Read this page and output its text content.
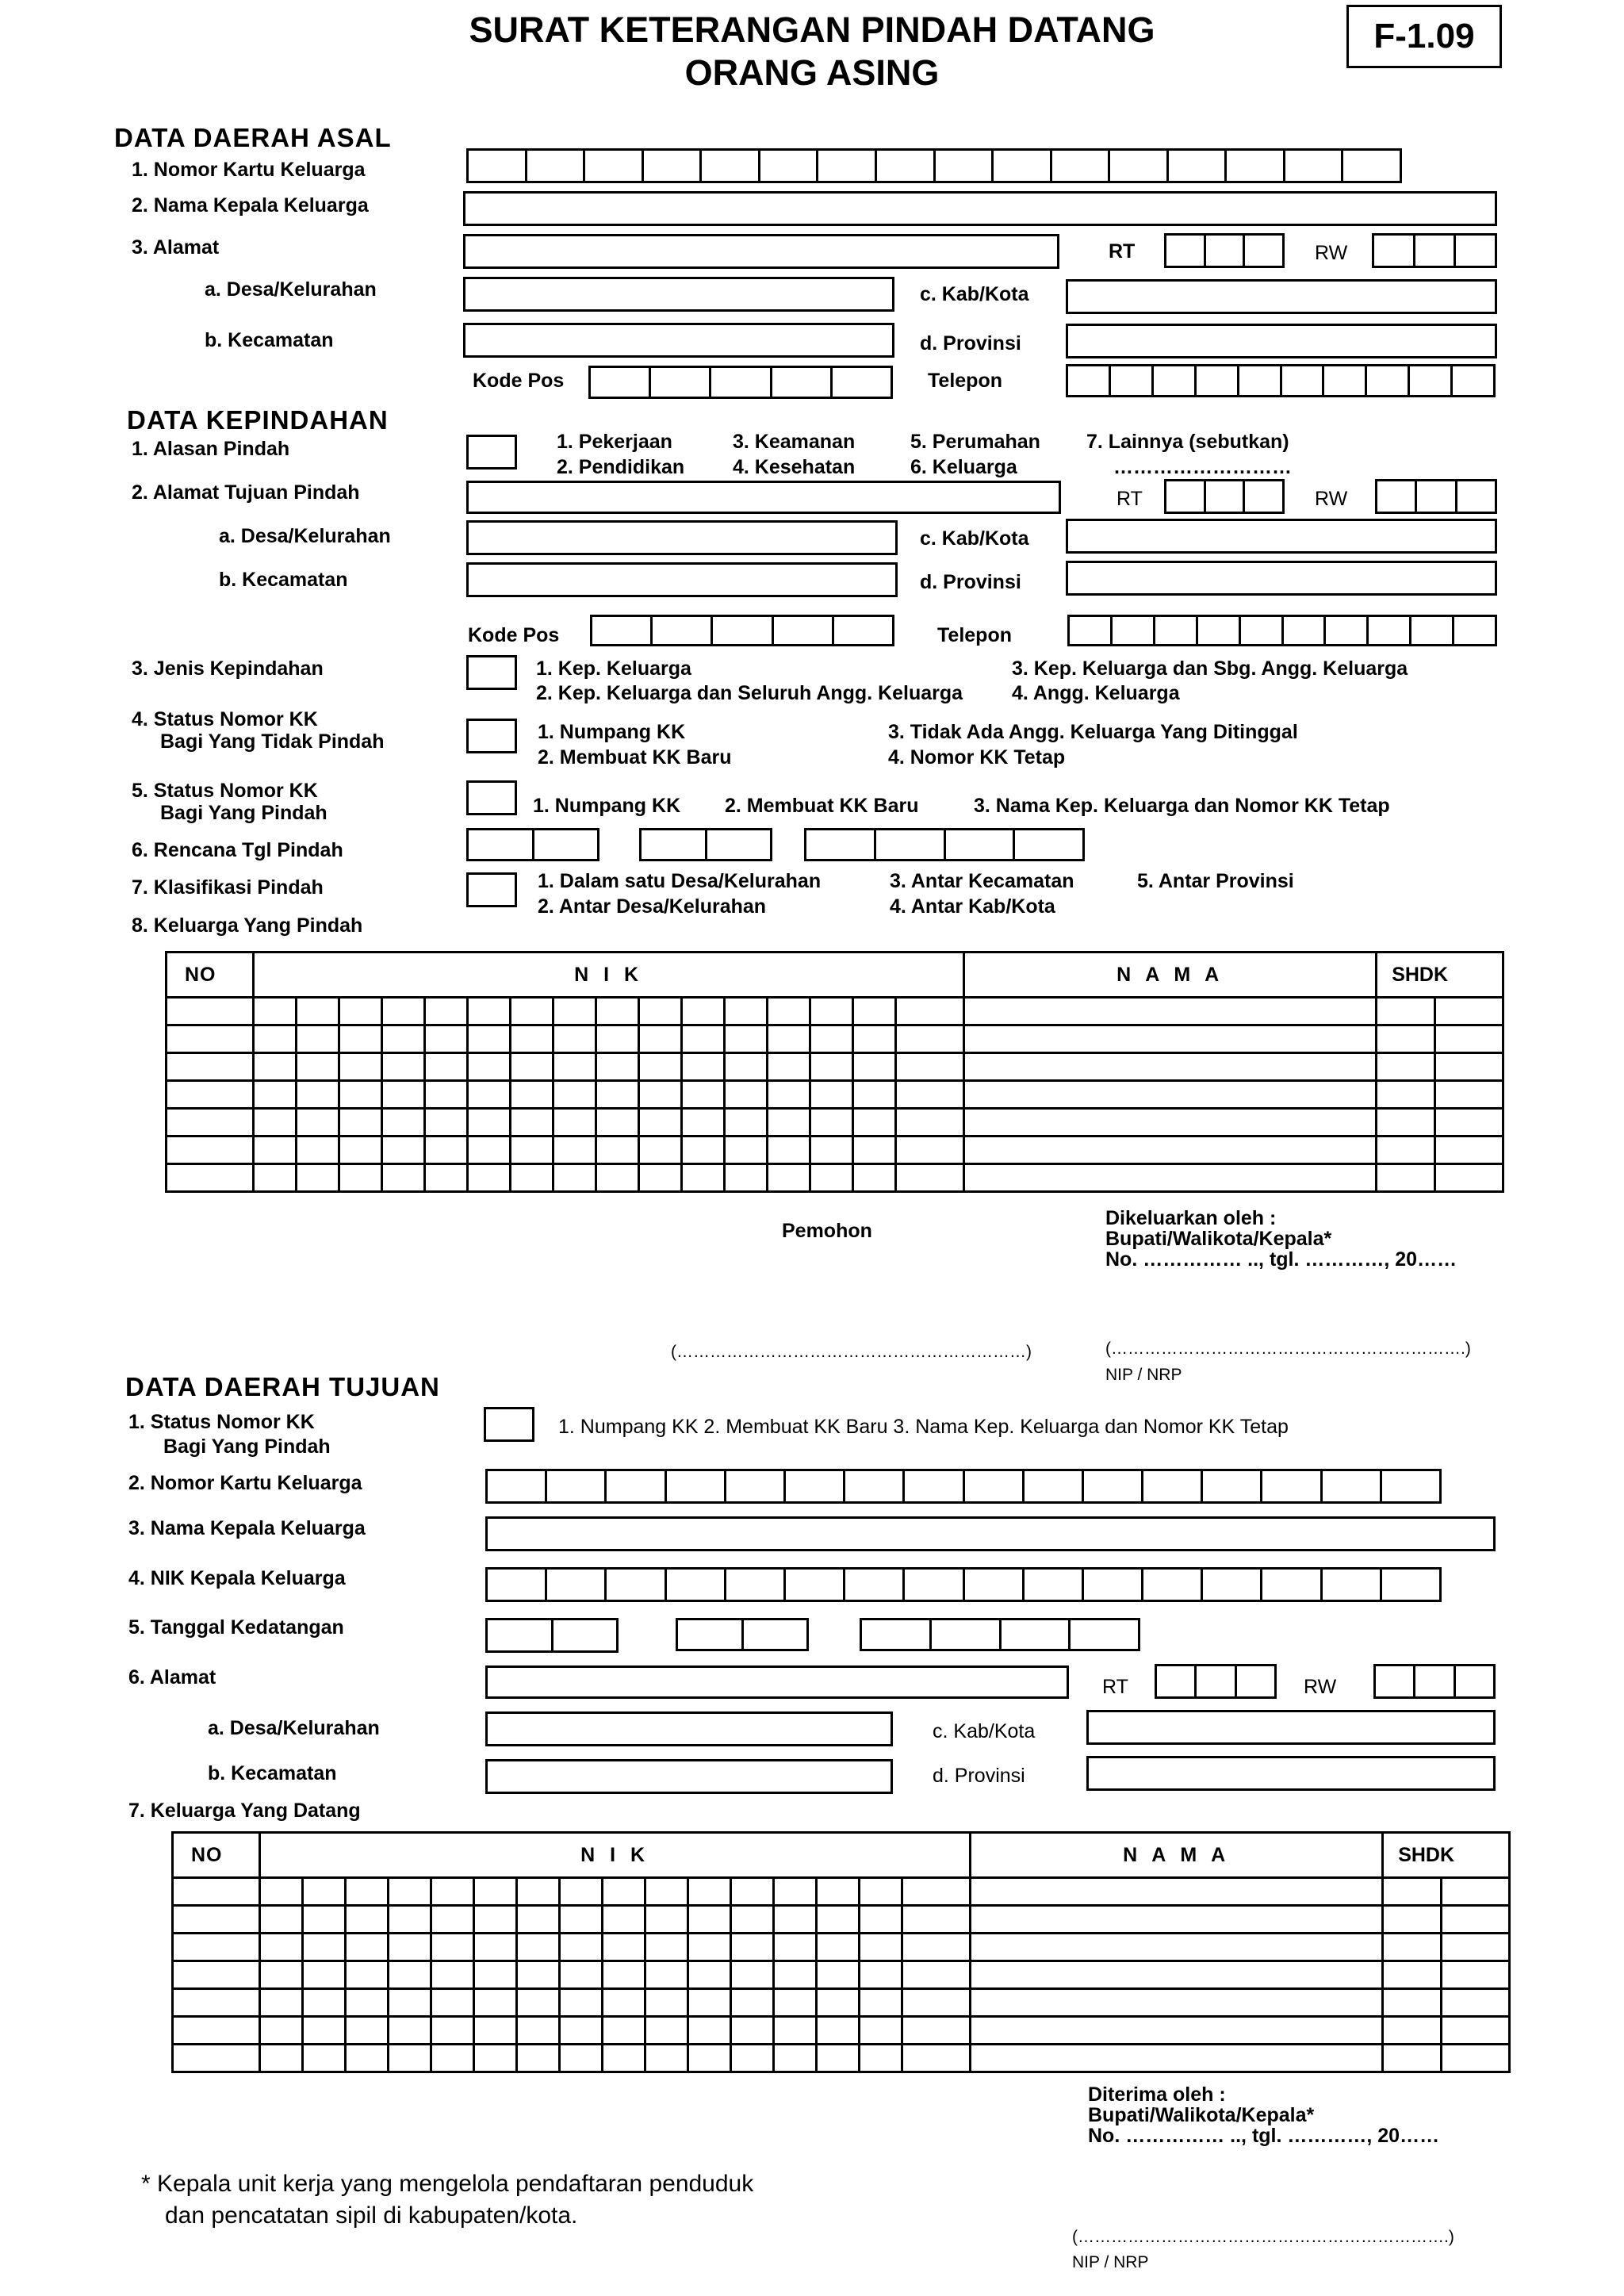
SURAT KETERANGAN PINDAH DATANG
ORANG ASING
F-1.09
DATA DAERAH ASAL
1. Nomor Kartu Keluarga
2. Nama Kepala Keluarga
3. Alamat	RT	RW
a. Desa/Kelurahan	c. Kab/Kota
b. Kecamatan	d. Provinsi
Kode Pos	Telepon
DATA KEPINDAHAN
1. Alasan Pindah	1. Pekerjaan
2. Pendidikan
3. Keamanan
4. Kesehatan
5. Perumahan
6. Keluarga
7. Lainnya (sebutkan)
………………………
2. Alamat Tujuan Pindah	RT	RW
a. Desa/Kelurahan	c. Kab/Kota
b. Kecamatan	d. Provinsi
Kode Pos	Telepon
3. Jenis Kepindahan	1. Kep. Keluarga
2. Kep. Keluarga dan Seluruh Angg. Keluarga
3. Kep. Keluarga dan Sbg. Angg. Keluarga
4. Angg. Keluarga
4. Status Nomor KK
Bagi Yang Tidak Pindah	1. Numpang KK
2. Membuat KK Baru
3. Tidak Ada Angg. Keluarga Yang Ditinggal
4. Nomor KK Tetap
5. Status Nomor KK
Bagi Yang Pindah	1. Numpang KK 2. Membuat KK Baru	3. Nama Kep. Keluarga dan Nomor KK Tetap
6. Rencana Tgl Pindah
7. Klasifikasi Pindah	1. Dalam satu Desa/Kelurahan
2. Antar Desa/Kelurahan
3. Antar Kecamatan
4. Antar Kab/Kota
5. Antar Provinsi
8. Keluarga Yang Pindah
NO	N I K																N A M A	SHDK	

Pemohon
Dikeluarkan oleh :
Bupati/Walikota/Kepala*
No. …………… .., tgl. …………, 20……
(………………………………………………………)	(……………………………………………………….)
NIP / NRP
DATA DAERAH TUJUAN
1. Status Nomor KK
Bagi Yang Pindah
1. Numpang KK 2. Membuat KK Baru 3. Nama Kep. Keluarga dan Nomor KK Tetap
2. Nomor Kartu Keluarga
3. Nama Kepala Keluarga
4. NIK Kepala Keluarga
5. Tanggal Kedatangan
6. Alamat	RT	RW
a. Desa/Kelurahan	c. Kab/Kota
b. Kecamatan	d. Provinsi
7. Keluarga Yang Datang
NO	N I K																N A M A	SHDK	

Diterima oleh :
Bupati/Walikota/Kepala*
No. …………… .., tgl. …………, 20……
(………………………………………………………….)
NIP / NRP
* Kepala unit kerja yang mengelola pendaftaran penduduk
dan pencatatan sipil di kabupaten/kota.
